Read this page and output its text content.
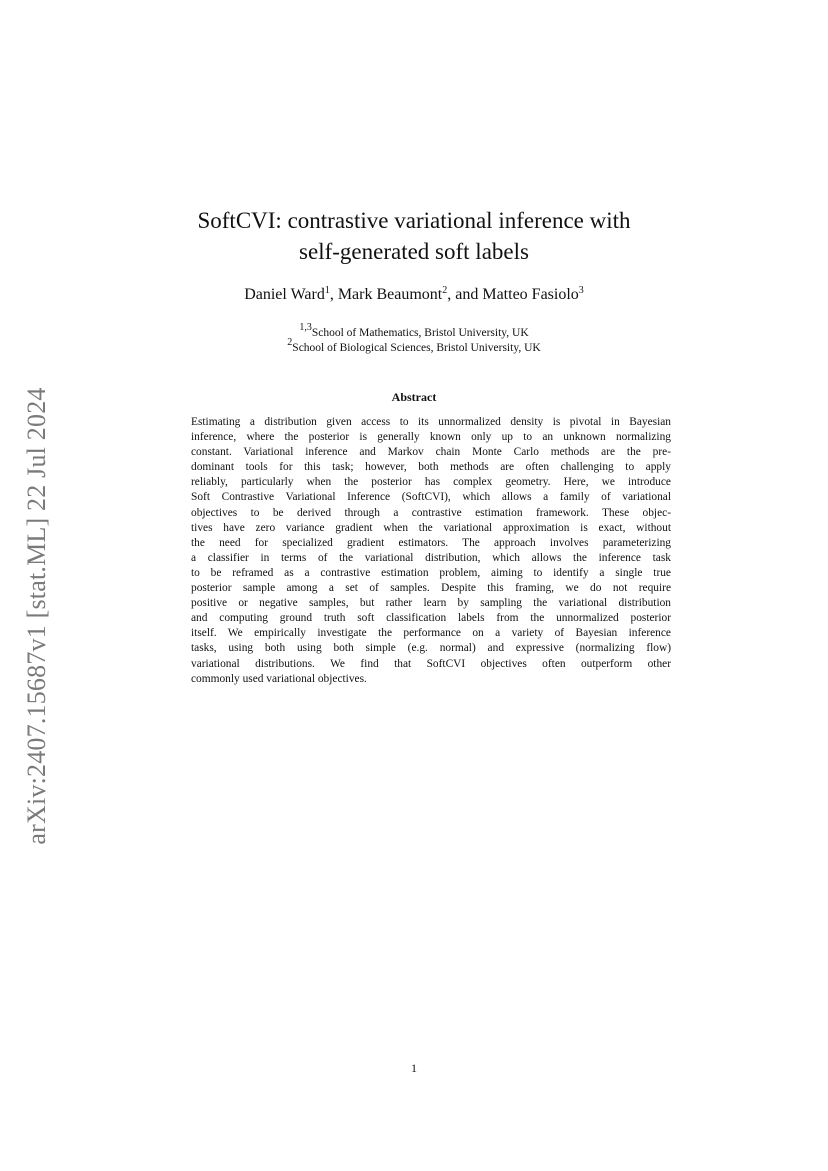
arXiv:2407.15687v1 [stat.ML] 22 Jul 2024
SoftCVI: contrastive variational inference with
self-generated soft labels
Daniel Ward$^1$, Mark Beaumont$^2$, and Matteo Fasiolo$^3$
$^{1,3}$School of Mathematics, Bristol University, UK
$^2$School of Biological Sciences, Bristol University, UK
Abstract
Estimating a distribution given access to its unnormalized density is pivotal in Bayesian
inference, where the posterior is generally known only up to an unknown normalizing
constant. Variational inference and Markov chain Monte Carlo methods are the pre-
dominant tools for this task; however, both methods are often challenging to apply
reliably, particularly when the posterior has complex geometry. Here, we introduce
Soft Contrastive Variational Inference (SoftCVI), which allows a family of variational
objectives to be derived through a contrastive estimation framework. These objec-
tives have zero variance gradient when the variational approximation is exact, without
the need for specialized gradient estimators. The approach involves parameterizing
a classifier in terms of the variational distribution, which allows the inference task
to be reframed as a contrastive estimation problem, aiming to identify a single true
posterior sample among a set of samples. Despite this framing, we do not require
positive or negative samples, but rather learn by sampling the variational distribution
and computing ground truth soft classification labels from the unnormalized posterior
itself. We empirically investigate the performance on a variety of Bayesian inference
tasks, using both using both simple (e.g. normal) and expressive (normalizing flow)
variational distributions. We find that SoftCVI objectives often outperform other
commonly used variational objectives.
1
